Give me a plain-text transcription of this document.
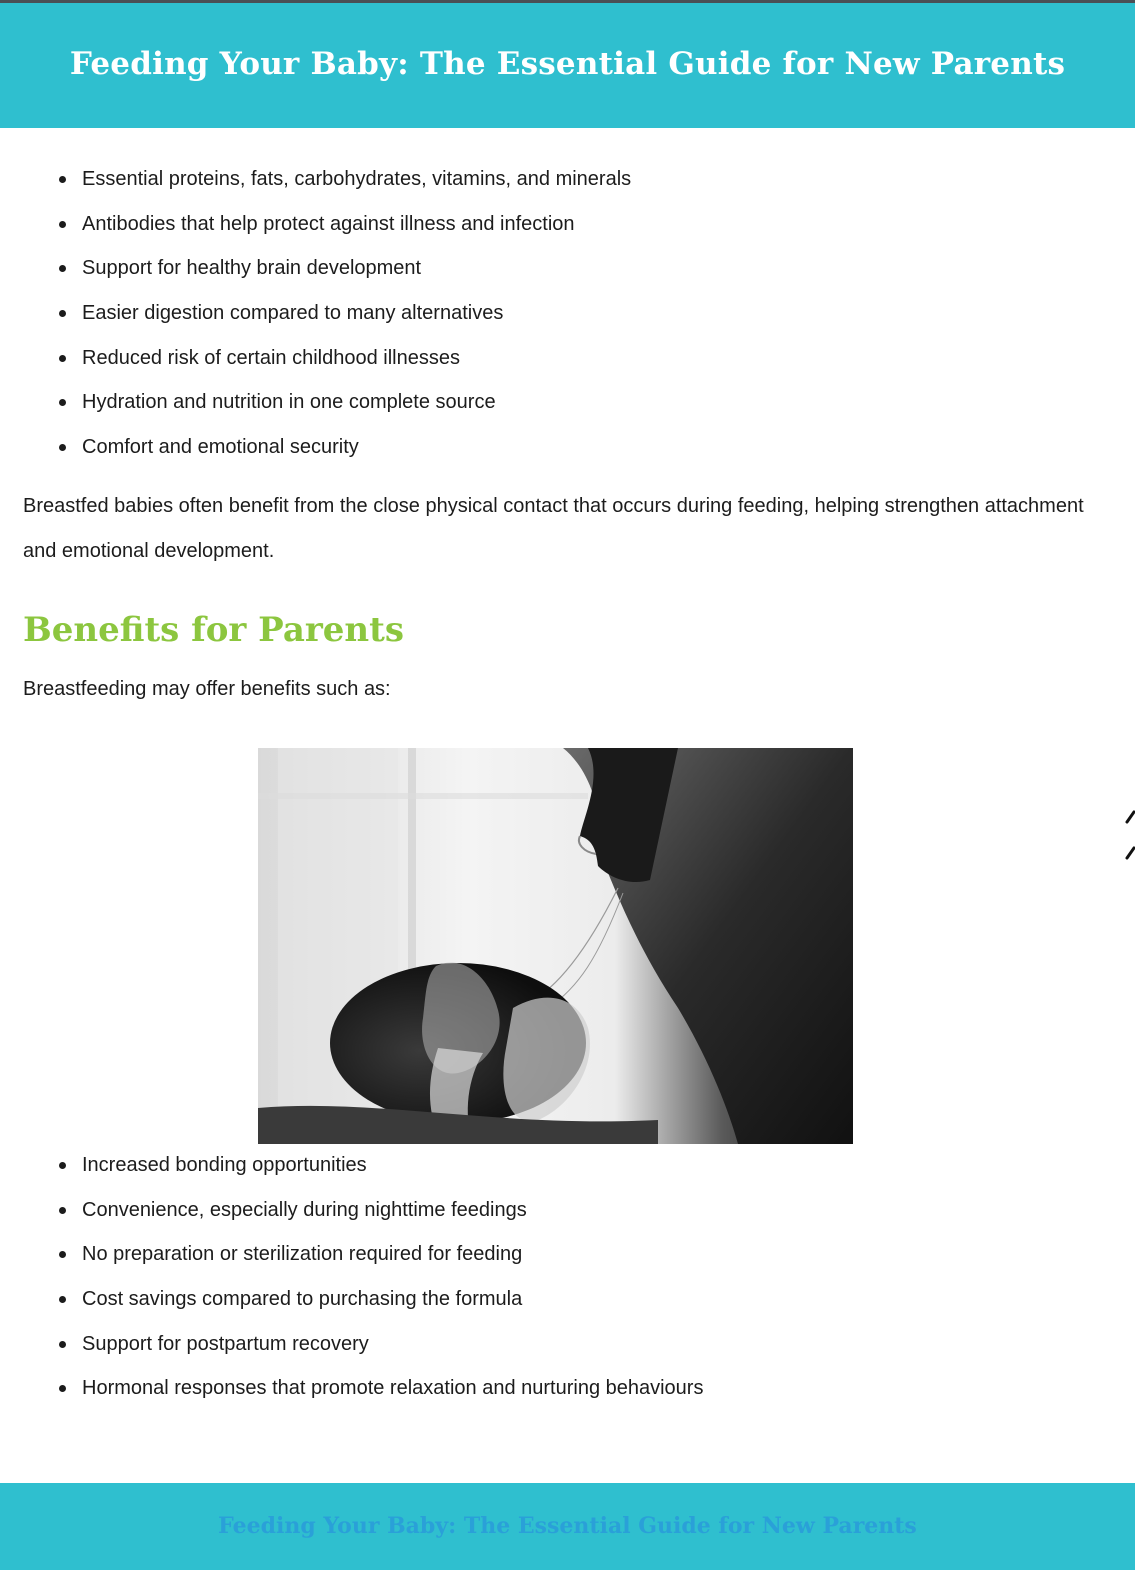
Feeding Your Baby: The Essential Guide for New Parents
Essential proteins, fats, carbohydrates, vitamins, and minerals
Antibodies that help protect against illness and infection
Support for healthy brain development
Easier digestion compared to many alternatives
Reduced risk of certain childhood illnesses
Hydration and nutrition in one complete source
Comfort and emotional security

Breastfed babies often benefit from the close physical contact that occurs during feeding, helping strengthen attachment and emotional development.

Benefits for Parents

Breastfeeding may offer benefits such as:

Increased bonding opportunities
Convenience, especially during nighttime feedings
No preparation or sterilization required for feeding
Cost savings compared to purchasing the formula
Support for postpartum recovery
Hormonal responses that promote relaxation and nurturing behaviours
Feeding Your Baby: The Essential Guide for New Parents
